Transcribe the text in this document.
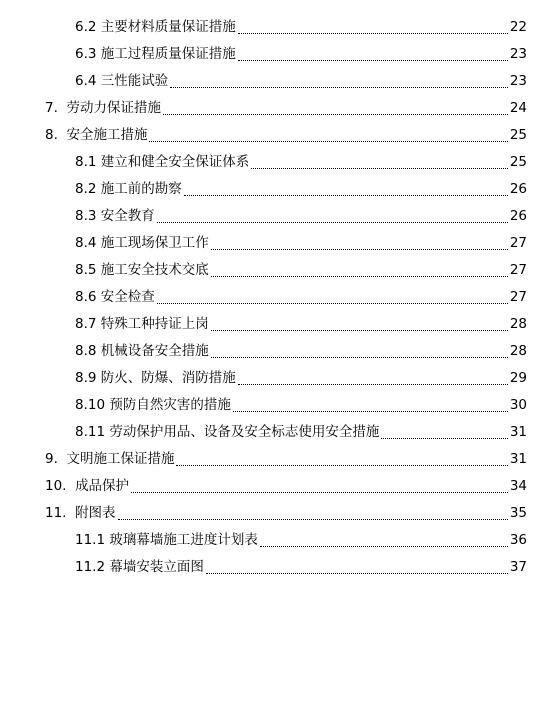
6.2 主要材料质量保证措施	22
6.3 施工过程质量保证措施	23
6.4 三性能试验	23
7. 劳动力保证措施	24
8. 安全施工措施	25
8.1 建立和健全安全保证体系	25
8.2 施工前的勘察	26
8.3 安全教育	26
8.4 施工现场保卫工作	27
8.5 施工安全技术交底	27
8.6 安全检查	27
8.7 特殊工种持证上岗	28
8.8 机械设备安全措施	28
8.9 防火、防爆、消防措施	29
8.10 预防自然灾害的措施	30
8.11 劳动保护用品、设备及安全标志使用安全措施	31
9. 文明施工保证措施	31
10. 成品保护	34
11. 附图表	35
11.1 玻璃幕墙施工进度计划表	36
11.2 幕墙安装立面图	37
